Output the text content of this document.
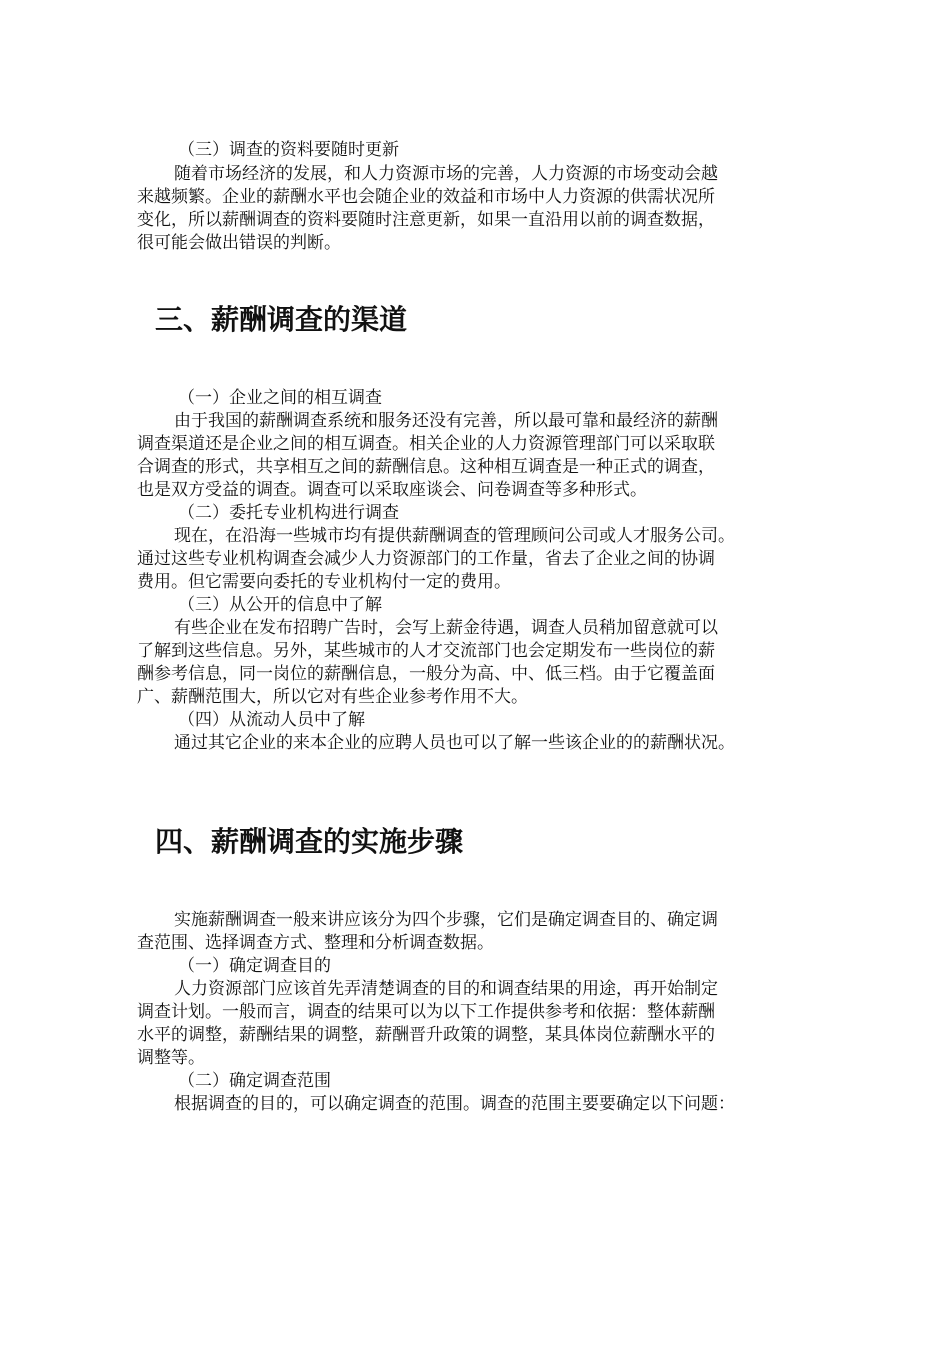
（三）调查的资料要随时更新
随着市场经济的发展，和人力资源市场的完善，人力资源的市场变动会越
来越频繁。企业的薪酬水平也会随企业的效益和市场中人力资源的供需状况所
变化，所以薪酬调查的资料要随时注意更新，如果一直沿用以前的调查数据，
很可能会做出错误的判断。
三、薪酬调查的渠道
（一）企业之间的相互调查
由于我国的薪酬调查系统和服务还没有完善，所以最可靠和最经济的薪酬
调查渠道还是企业之间的相互调查。相关企业的人力资源管理部门可以采取联
合调查的形式，共享相互之间的薪酬信息。这种相互调查是一种正式的调查，
也是双方受益的调查。调查可以采取座谈会、问卷调查等多种形式。
（二）委托专业机构进行调查
现在，在沿海一些城市均有提供薪酬调查的管理顾问公司或人才服务公司。
通过这些专业机构调查会减少人力资源部门的工作量，省去了企业之间的协调
费用。但它需要向委托的专业机构付一定的费用。
（三）从公开的信息中了解
有些企业在发布招聘广告时，会写上薪金待遇，调查人员稍加留意就可以
了解到这些信息。另外，某些城市的人才交流部门也会定期发布一些岗位的薪
酬参考信息，同一岗位的薪酬信息，一般分为高、中、低三档。由于它覆盖面
广、薪酬范围大，所以它对有些企业参考作用不大。
（四）从流动人员中了解
通过其它企业的来本企业的应聘人员也可以了解一些该企业的的薪酬状况。
四、薪酬调查的实施步骤
实施薪酬调查一般来讲应该分为四个步骤，它们是确定调查目的、确定调
查范围、选择调查方式、整理和分析调查数据。
（一）确定调查目的
人力资源部门应该首先弄清楚调查的目的和调查结果的用途，再开始制定
调查计划。一般而言，调查的结果可以为以下工作提供参考和依据：整体薪酬
水平的调整，薪酬结果的调整，薪酬晋升政策的调整，某具体岗位薪酬水平的
调整等。
（二）确定调查范围
根据调查的目的，可以确定调查的范围。调查的范围主要要确定以下问题：
